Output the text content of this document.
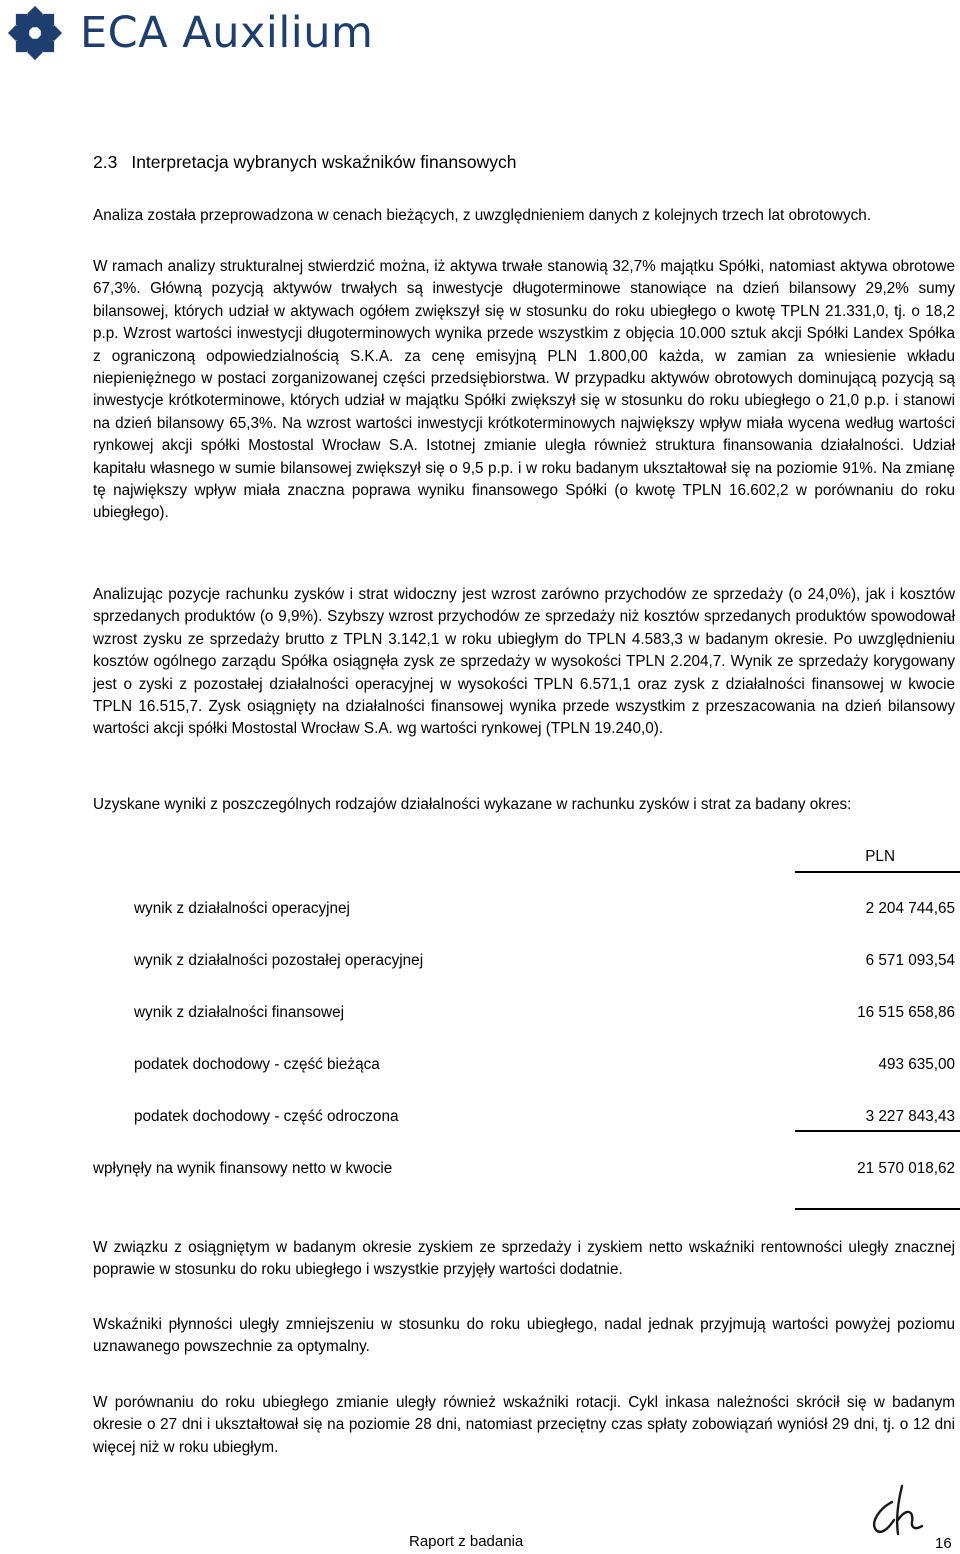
ECA Auxilium
2.3 Interpretacja wybranych wskaźników finansowych

Analiza została przeprowadzona w cenach bieżących, z uwzględnieniem danych z kolejnych trzech lat obrotowych.

W ramach analizy strukturalnej stwierdzić można, iż aktywa trwałe stanowią 32,7% majątku Spółki, natomiast aktywa obrotowe 67,3%. Główną pozycją aktywów trwałych są inwestycje długoterminowe stanowiące na dzień bilansowy 29,2% sumy bilansowej, których udział w aktywach ogółem zwiększył się w stosunku do roku ubiegłego o kwotę TPLN 21.331,0, tj. o 18,2 p.p. Wzrost wartości inwestycji długoterminowych wynika przede wszystkim z objęcia 10.000 sztuk akcji Spółki Landex Spółka z ograniczoną odpowiedzialnością S.K.A. za cenę emisyjną PLN 1.800,00 każda, w zamian za wniesienie wkładu niepieniężnego w postaci zorganizowanej części przedsiębiorstwa. W przypadku aktywów obrotowych dominującą pozycją są inwestycje krótkoterminowe, których udział w majątku Spółki zwiększył się w stosunku do roku ubiegłego o 21,0 p.p. i stanowi na dzień bilansowy 65,3%. Na wzrost wartości inwestycji krótkoterminowych największy wpływ miała wycena według wartości rynkowej akcji spółki Mostostal Wrocław S.A. Istotnej zmianie uległa również struktura finansowania działalności. Udział kapitału własnego w sumie bilansowej zwiększył się o 9,5 p.p. i w roku badanym ukształtował się na poziomie 91%. Na zmianę tę największy wpływ miała znaczna poprawa wyniku finansowego Spółki (o kwotę TPLN 16.602,2 w porównaniu do roku ubiegłego).

Analizując pozycje rachunku zysków i strat widoczny jest wzrost zarówno przychodów ze sprzedaży (o 24,0%), jak i kosztów sprzedanych produktów (o 9,9%). Szybszy wzrost przychodów ze sprzedaży niż kosztów sprzedanych produktów spowodował wzrost zysku ze sprzedaży brutto z TPLN 3.142,1 w roku ubiegłym do TPLN 4.583,3 w badanym okresie. Po uwzględnieniu kosztów ogólnego zarządu Spółka osiągnęła zysk ze sprzedaży w wysokości TPLN 2.204,7. Wynik ze sprzedaży korygowany jest o zyski z pozostałej działalności operacyjnej w wysokości TPLN 6.571,1 oraz zysk z działalności finansowej w kwocie TPLN 16.515,7. Zysk osiągnięty na działalności finansowej wynika przede wszystkim z przeszacowania na dzień bilansowy wartości akcji spółki Mostostal Wrocław S.A. wg wartości rynkowej (TPLN 19.240,0).

Uzyskane wyniki z poszczególnych rodzajów działalności wykazane w rachunku zysków i strat za badany okres:

PLN
wynik z działalności operacyjnej	2 204 744,65
wynik z działalności pozostałej operacyjnej	6 571 093,54
wynik z działalności finansowej	16 515 658,86
podatek dochodowy - część bieżąca	493 635,00
podatek dochodowy - część odroczona	3 227 843,43
wpłynęły na wynik finansowy netto w kwocie	21 570 018,62

W związku z osiągniętym w badanym okresie zyskiem ze sprzedaży i zyskiem netto wskaźniki rentowności uległy znacznej poprawie w stosunku do roku ubiegłego i wszystkie przyjęły wartości dodatnie.

Wskaźniki płynności uległy zmniejszeniu w stosunku do roku ubiegłego, nadal jednak przyjmują wartości powyżej poziomu uznawanego powszechnie za optymalny.

W porównaniu do roku ubiegłego zmianie uległy również wskaźniki rotacji. Cykl inkasa należności skrócił się w badanym okresie o 27 dni i ukształtował się na poziomie 28 dni, natomiast przeciętny czas spłaty zobowiązań wyniósł 29 dni, tj. o 12 dni więcej niż w roku ubiegłym.

Raport z badania	16
